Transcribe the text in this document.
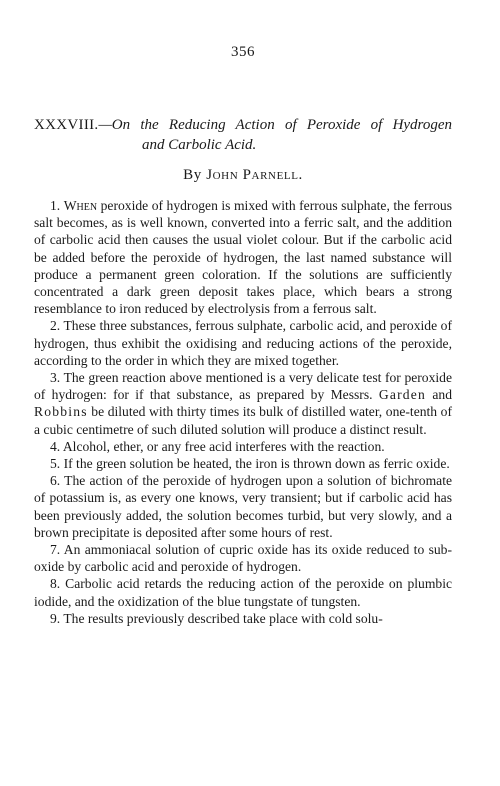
356
XXXVIII.—On the Reducing Action of Peroxide of Hydrogen
and Carbolic Acid.
By John Parnell.

1. When peroxide of hydrogen is mixed with ferrous sulphate, the ferrous salt becomes, as is well known, converted into a ferric salt, and the addition of carbolic acid then causes the usual violet colour. But if the carbolic acid be added before the peroxide of hydrogen, the last named substance will produce a permanent green coloration. If the solutions are sufficiently concentrated a dark green deposit takes place, which bears a strong resemblance to iron reduced by electrolysis from a ferrous salt.

2. These three substances, ferrous sulphate, carbolic acid, and peroxide of hydrogen, thus exhibit the oxidising and reducing actions of the peroxide, according to the order in which they are mixed together.

3. The green reaction above mentioned is a very delicate test for peroxide of hydrogen: for if that substance, as prepared by Messrs. Garden and Robbins be diluted with thirty times its bulk of distilled water, one-tenth of a cubic centimetre of such diluted solution will produce a distinct result.

4. Alcohol, ether, or any free acid interferes with the reaction.

5. If the green solution be heated, the iron is thrown down as ferric oxide.

6. The action of the peroxide of hydrogen upon a solution of bichromate of potassium is, as every one knows, very transient; but if carbolic acid has been previously added, the solution becomes turbid, but very slowly, and a brown precipitate is deposited after some hours of rest.

7. An ammoniacal solution of cupric oxide has its oxide reduced to sub-oxide by carbolic acid and peroxide of hydrogen.

8. Carbolic acid retards the reducing action of the peroxide on plumbic iodide, and the oxidization of the blue tungstate of tungsten.

9. The results previously described take place with cold solu-
